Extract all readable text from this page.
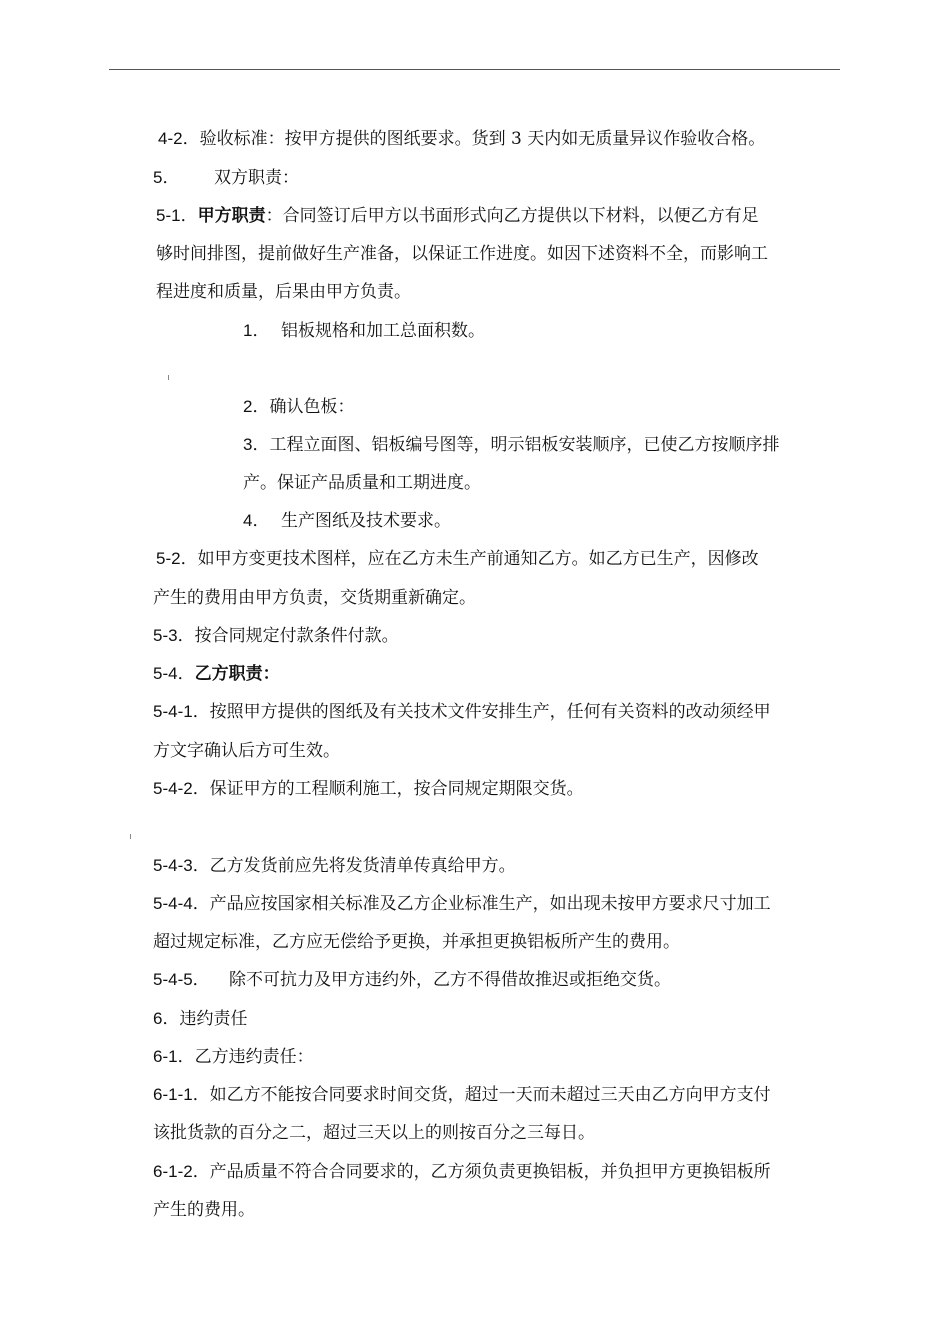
4-2．验收标准：按甲方提供的图纸要求。货到 3 天内如无质量异议作验收合格。
5． 双方职责：
5-1．甲方职责：合同签订后甲方以书面形式向乙方提供以下材料，以便乙方有足
够时间排图，提前做好生产准备，以保证工作进度。如因下述资料不全，而影响工
程进度和质量，后果由甲方负责。
1． 铝板规格和加工总面积数。
2．确认色板：
3．工程立面图、铝板编号图等，明示铝板安装顺序，已使乙方按顺序排
产。保证产品质量和工期进度。
4． 生产图纸及技术要求。
5-2．如甲方变更技术图样，应在乙方未生产前通知乙方。如乙方已生产，因修改
产生的费用由甲方负责，交货期重新确定。
5-3．按合同规定付款条件付款。
5-4．乙方职责：
5-4-1．按照甲方提供的图纸及有关技术文件安排生产，任何有关资料的改动须经甲
方文字确认后方可生效。
5-4-2．保证甲方的工程顺利施工，按合同规定期限交货。
5-4-3．乙方发货前应先将发货清单传真给甲方。
5-4-4．产品应按国家相关标准及乙方企业标准生产，如出现未按甲方要求尺寸加工
超过规定标准，乙方应无偿给予更换，并承担更换铝板所产生的费用。
5-4-5． 除不可抗力及甲方违约外，乙方不得借故推迟或拒绝交货。
6．违约责任
6-1．乙方违约责任：
6-1-1．如乙方不能按合同要求时间交货，超过一天而未超过三天由乙方向甲方支付
该批货款的百分之二，超过三天以上的则按百分之三每日。
6-1-2．产品质量不符合合同要求的，乙方须负责更换铝板，并负担甲方更换铝板所
产生的费用。
